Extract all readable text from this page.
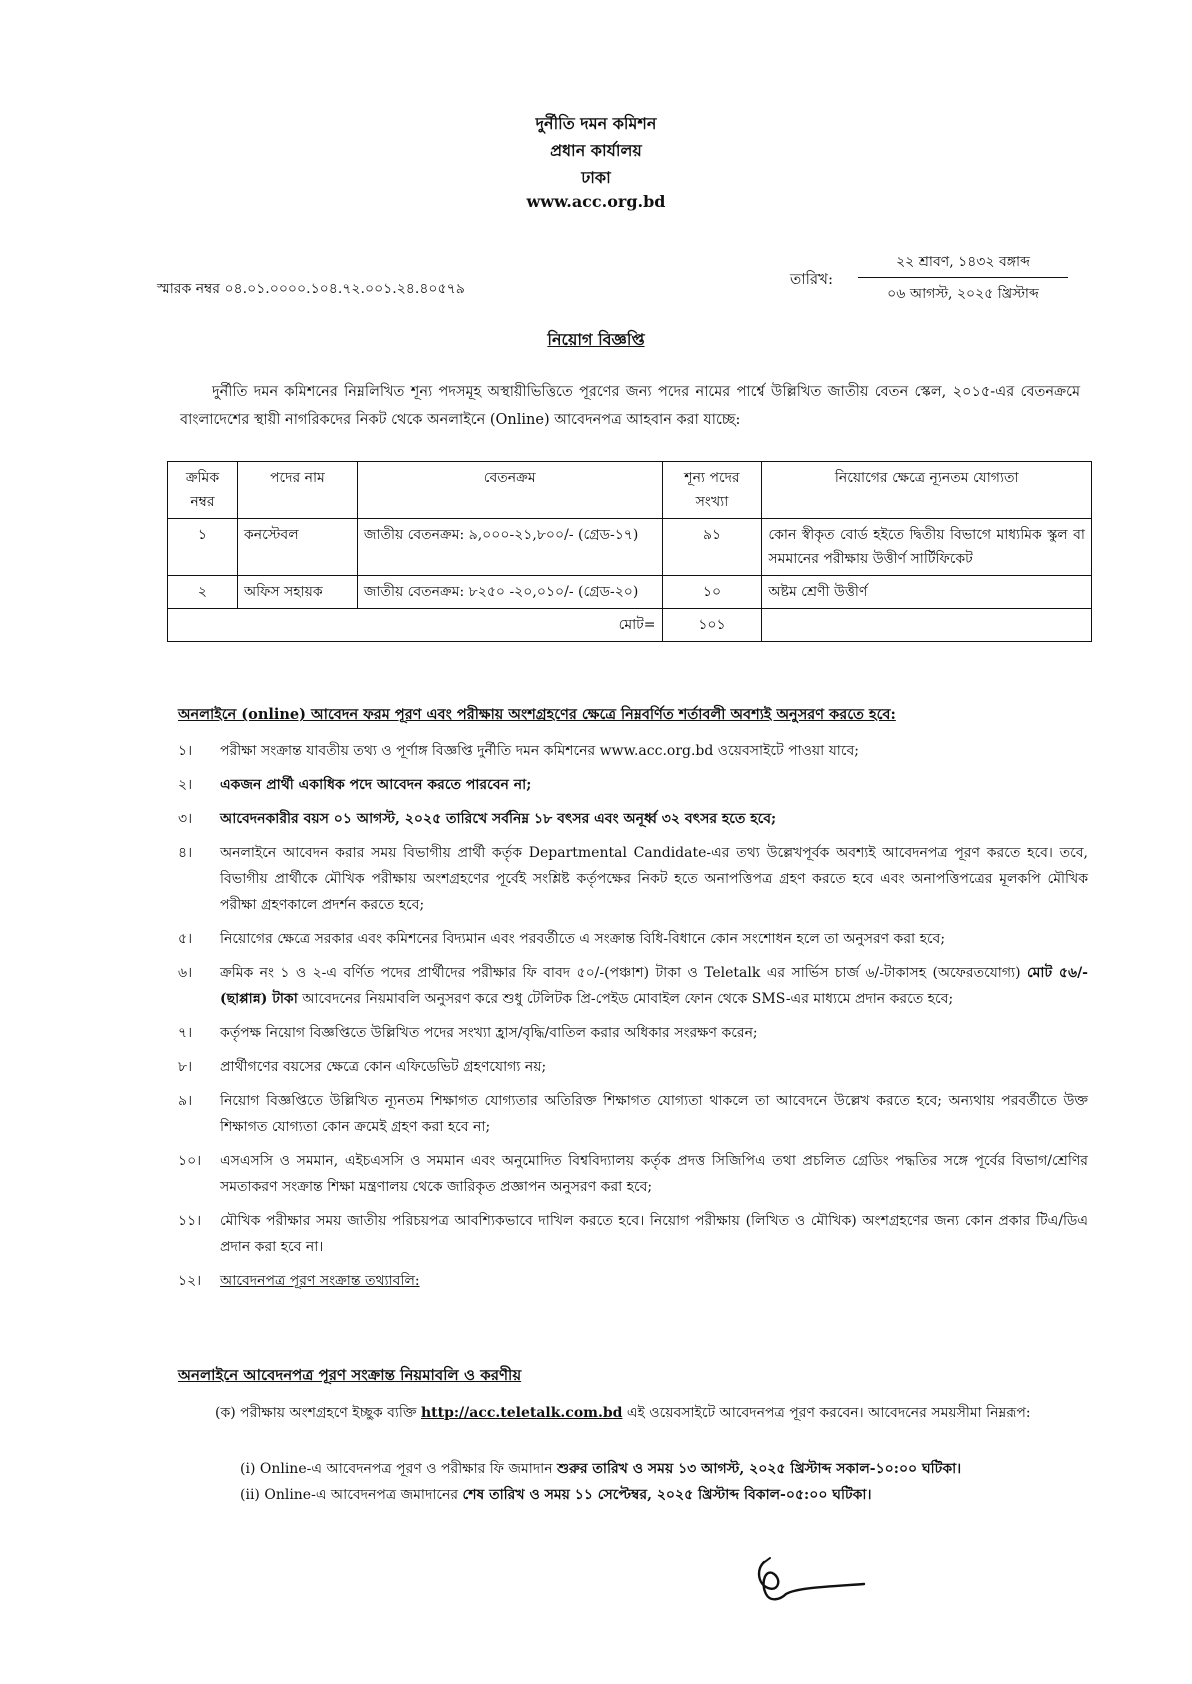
দুর্নীতি দমন কমিশন
প্রধান কার্যালয়
ঢাকা
www.acc.org.bd
স্মারক নম্বর ০৪.০১.০০০০.১০৪.৭২.০০১.২৪.৪০৫৭৯
তারিখ:
২২ শ্রাবণ, ১৪৩২ বঙ্গাব্দ
০৬ আগস্ট, ২০২৫ খ্রিস্টাব্দ
নিয়োগ বিজ্ঞপ্তি
দুর্নীতি দমন কমিশনের নিম্নলিখিত শূন্য পদসমূহ অস্থায়ীভিত্তিতে পূরণের জন্য পদের নামের পার্শ্বে উল্লিখিত জাতীয় বেতন স্কেল, ২০১৫-এর বেতনক্রমে বাংলাদেশের স্থায়ী নাগরিকদের নিকট থেকে অনলাইনে (Online) আবেদনপত্র আহবান করা যাচ্ছে:
ক্রমিক নম্বর	পদের নাম	বেতনক্রম	শূন্য পদের সংখ্যা	নিয়োগের ক্ষেত্রে ন্যূনতম যোগ্যতা
১	কনস্টেবল	জাতীয় বেতনক্রম: ৯,০০০-২১,৮০০/- (গ্রেড-১৭)	৯১	কোন স্বীকৃত বোর্ড হইতে দ্বিতীয় বিভাগে মাধ্যমিক স্কুল বা সমমানের পরীক্ষায় উত্তীর্ণ সার্টিফিকেট
২	অফিস সহায়ক	জাতীয় বেতনক্রম: ৮২৫০ -২০,০১০/- (গ্রেড-২০)	১০	অষ্টম শ্রেণী উত্তীর্ণ
মোট=			১০১	
অনলাইনে (online) আবেদন ফরম পূরণ এবং পরীক্ষায় অংশগ্রহণের ক্ষেত্রে নিম্নবর্ণিত শর্তাবলী অবশ্যই অনুসরণ করতে হবে:
১।	পরীক্ষা সংক্রান্ত যাবতীয় তথ্য ও পূর্ণাঙ্গ বিজ্ঞপ্তি দুর্নীতি দমন কমিশনের www.acc.org.bd ওয়েবসাইটে পাওয়া যাবে;
২।	একজন প্রার্থী একাধিক পদে আবেদন করতে পারবেন না;
৩।	আবেদনকারীর বয়স ০১ আগস্ট, ২০২৫ তারিখে সর্বনিম্ন ১৮ বৎসর এবং অনূর্ধ্ব ৩২ বৎসর হতে হবে;
৪।	অনলাইনে আবেদন করার সময় বিভাগীয় প্রার্থী কর্তৃক Departmental Candidate-এর তথ্য উল্লেখপূর্বক অবশ্যই আবেদনপত্র পূরণ করতে হবে। তবে, বিভাগীয় প্রার্থীকে মৌখিক পরীক্ষায় অংশগ্রহণের পূর্বেই সংশ্লিষ্ট কর্তৃপক্ষের নিকট হতে অনাপত্তিপত্র গ্রহণ করতে হবে এবং অনাপত্তিপত্রের মূলকপি মৌখিক পরীক্ষা গ্রহণকালে প্রদর্শন করতে হবে;
৫।	নিয়োগের ক্ষেত্রে সরকার এবং কমিশনের বিদ্যমান এবং পরবর্তীতে এ সংক্রান্ত বিধি-বিধানে কোন সংশোধন হলে তা অনুসরণ করা হবে;
৬।	ক্রমিক নং ১ ও ২-এ বর্ণিত পদের প্রার্থীদের পরীক্ষার ফি বাবদ ৫০/-(পঞ্চাশ) টাকা ও Teletalk এর সার্ভিস চার্জ ৬/-টাকাসহ (অফেরতযোগ্য) মোট ৫৬/-(ছাপ্পান্ন) টাকা আবেদনের নিয়মাবলি অনুসরণ করে শুধু টেলিটক প্রি-পেইড মোবাইল ফোন থেকে SMS-এর মাধ্যমে প্রদান করতে হবে;
৭।	কর্তৃপক্ষ নিয়োগ বিজ্ঞপ্তিতে উল্লিখিত পদের সংখ্যা হ্রাস/বৃদ্ধি/বাতিল করার অধিকার সংরক্ষণ করেন;
৮।	প্রার্থীগণের বয়সের ক্ষেত্রে কোন এফিডেভিট গ্রহণযোগ্য নয়;
৯।	নিয়োগ বিজ্ঞপ্তিতে উল্লিখিত ন্যূনতম শিক্ষাগত যোগ্যতার অতিরিক্ত শিক্ষাগত যোগ্যতা থাকলে তা আবেদনে উল্লেখ করতে হবে; অন্যথায় পরবর্তীতে উক্ত শিক্ষাগত যোগ্যতা কোন ক্রমেই গ্রহণ করা হবে না;
১০।	এসএসসি ও সমমান, এইচএসসি ও সমমান এবং অনুমোদিত বিশ্ববিদ্যালয় কর্তৃক প্রদত্ত সিজিপিএ তথা প্রচলিত গ্রেডিং পদ্ধতির সঙ্গে পূর্বের বিভাগ/শ্রেণির সমতাকরণ সংক্রান্ত শিক্ষা মন্ত্রণালয় থেকে জারিকৃত প্রজ্ঞাপন অনুসরণ করা হবে;
১১।	মৌখিক পরীক্ষার সময় জাতীয় পরিচয়পত্র আবশ্যিকভাবে দাখিল করতে হবে। নিয়োগ পরীক্ষায় (লিখিত ও মৌখিক) অংশগ্রহণের জন্য কোন প্রকার টিএ/ডিএ প্রদান করা হবে না।
১২।	আবেদনপত্র পূরণ সংক্রান্ত তথ্যাবলি:
অনলাইনে আবেদনপত্র পূরণ সংক্রান্ত নিয়মাবলি ও করণীয়
(ক) পরীক্ষায় অংশগ্রহণে ইচ্ছুক ব্যক্তি http://acc.teletalk.com.bd এই ওয়েবসাইটে আবেদনপত্র পূরণ করবেন। আবেদনের সময়সীমা নিম্নরূপ:
(i) Online-এ আবেদনপত্র পূরণ ও পরীক্ষার ফি জমাদান শুরুর তারিখ ও সময় ১৩ আগস্ট, ২০২৫ খ্রিস্টাব্দ সকাল-১০:০০ ঘটিকা।
(ii) Online-এ আবেদনপত্র জমাদানের শেষ তারিখ ও সময় ১১ সেপ্টেম্বর, ২০২৫ খ্রিস্টাব্দ বিকাল-০৫:০০ ঘটিকা।
